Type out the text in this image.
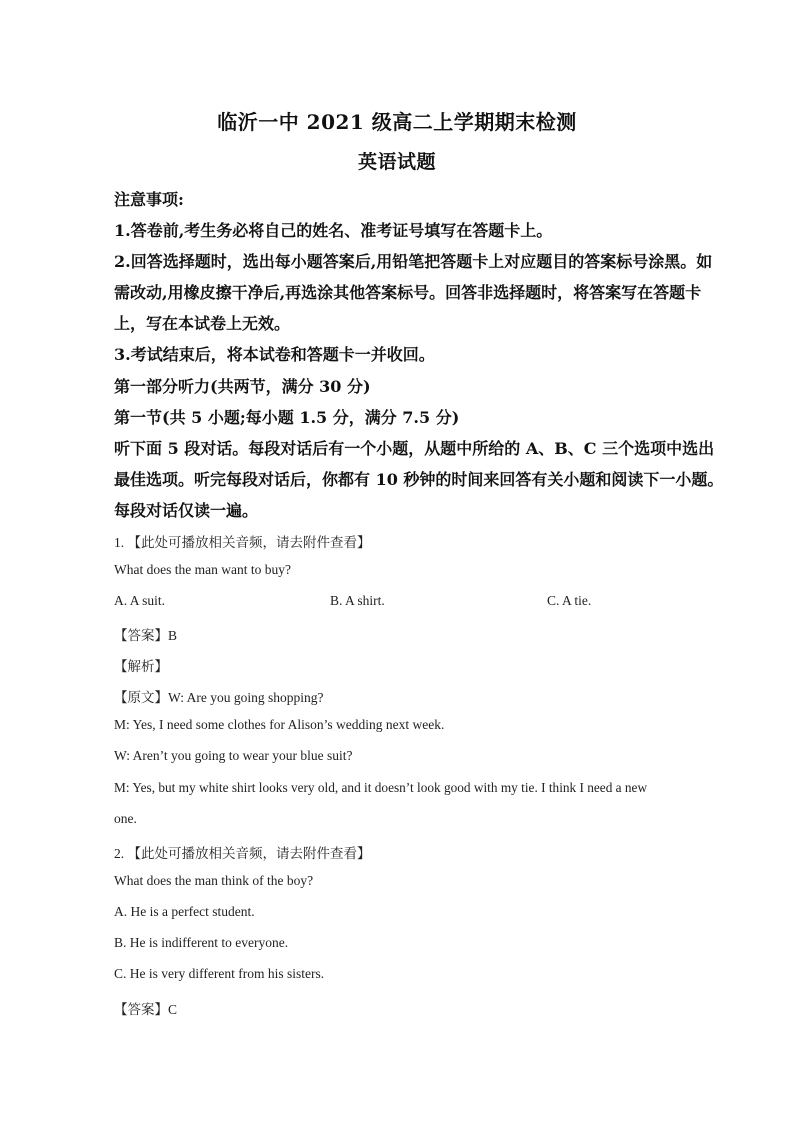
临沂一中 2021 级高二上学期期末检测
英语试题
注意事项:
1.答卷前,考生务必将自己的姓名、准考证号填写在答题卡上。
2.回答选择题时，选出每小题答案后,用铅笔把答题卡上对应题目的答案标号涂黑。如
需改动,用橡皮擦干净后,再选涂其他答案标号。回答非选择题时，将答案写在答题卡
上，写在本试卷上无效。
3.考试结束后，将本试卷和答题卡一并收回。
第一部分听力(共两节，满分 30 分)
第一节(共 5 小题;每小题 1.5 分，满分 7.5 分)
听下面 5 段对话。每段对话后有一个小题，从题中所给的 A、B、C 三个选项中选出
最佳选项。听完每段对话后，你都有 10 秒钟的时间来回答有关小题和阅读下一小题。
每段对话仅读一遍。
1. 【此处可播放相关音频，请去附件查看】
What does the man want to buy?
A. A suit.	B. A shirt.	C. A tie.
【答案】B
【解析】
【原文】W: Are you going shopping?
M: Yes, I need some clothes for Alison’s wedding next week.
W: Aren’t you going to wear your blue suit?
M: Yes, but my white shirt looks very old, and it doesn’t look good with my tie. I think I need a new
one.
2. 【此处可播放相关音频，请去附件查看】
What does the man think of the boy?
A. He is a perfect student.
B. He is indifferent to everyone.
C. He is very different from his sisters.
【答案】C
